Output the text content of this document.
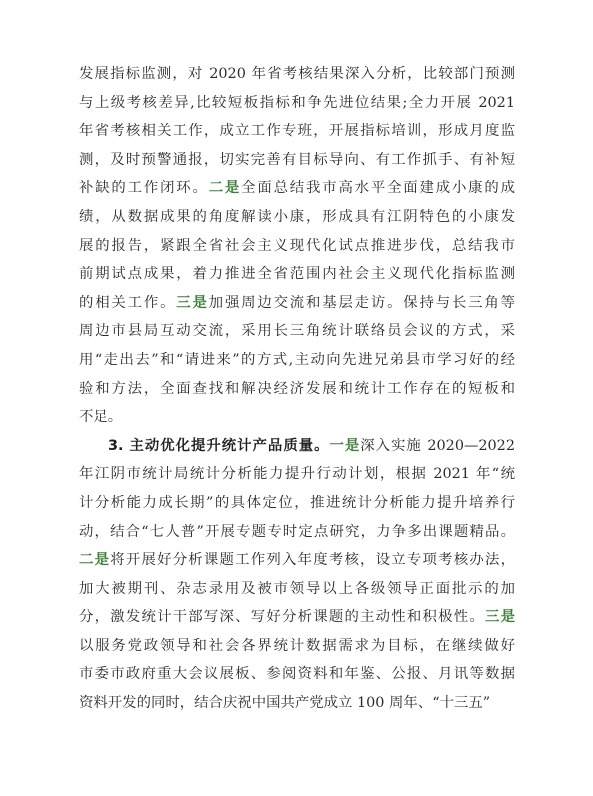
发展指标监测，对 2020 年省考核结果深入分析，比较部门预测
与上级考核差异,比较短板指标和争先进位结果;全力开展 2021
年省考核相关工作，成立工作专班，开展指标培训，形成月度监
测，及时预警通报，切实完善有目标导向、有工作抓手、有补短
补缺的工作闭环。二是全面总结我市高水平全面建成小康的成
绩，从数据成果的角度解读小康，形成具有江阴特色的小康发
展的报告，紧跟全省社会主义现代化试点推进步伐，总结我市
前期试点成果，着力推进全省范围内社会主义现代化指标监测
的相关工作。三是加强周边交流和基层走访。保持与长三角等
周边市县局互动交流，采用长三角统计联络员会议的方式，采
用“走出去”和“请进来”的方式,主动向先进兄弟县市学习好的经
验和方法，全面查找和解决经济发展和统计工作存在的短板和
不足。
3. 主动优化提升统计产品质量。一是深入实施 2020—2022
年江阴市统计局统计分析能力提升行动计划，根据 2021 年“统
计分析能力成长期”的具体定位，推进统计分析能力提升培养行
动，结合“七人普”开展专题专时定点研究，力争多出课题精品。
二是将开展好分析课题工作列入年度考核，设立专项考核办法，
加大被期刊、杂志录用及被市领导以上各级领导正面批示的加
分，激发统计干部写深、写好分析课题的主动性和积极性。三是
以服务党政领导和社会各界统计数据需求为目标，在继续做好
市委市政府重大会议展板、参阅资料和年鉴、公报、月讯等数据
资料开发的同时，结合庆祝中国共产党成立 100 周年、“十三五”
